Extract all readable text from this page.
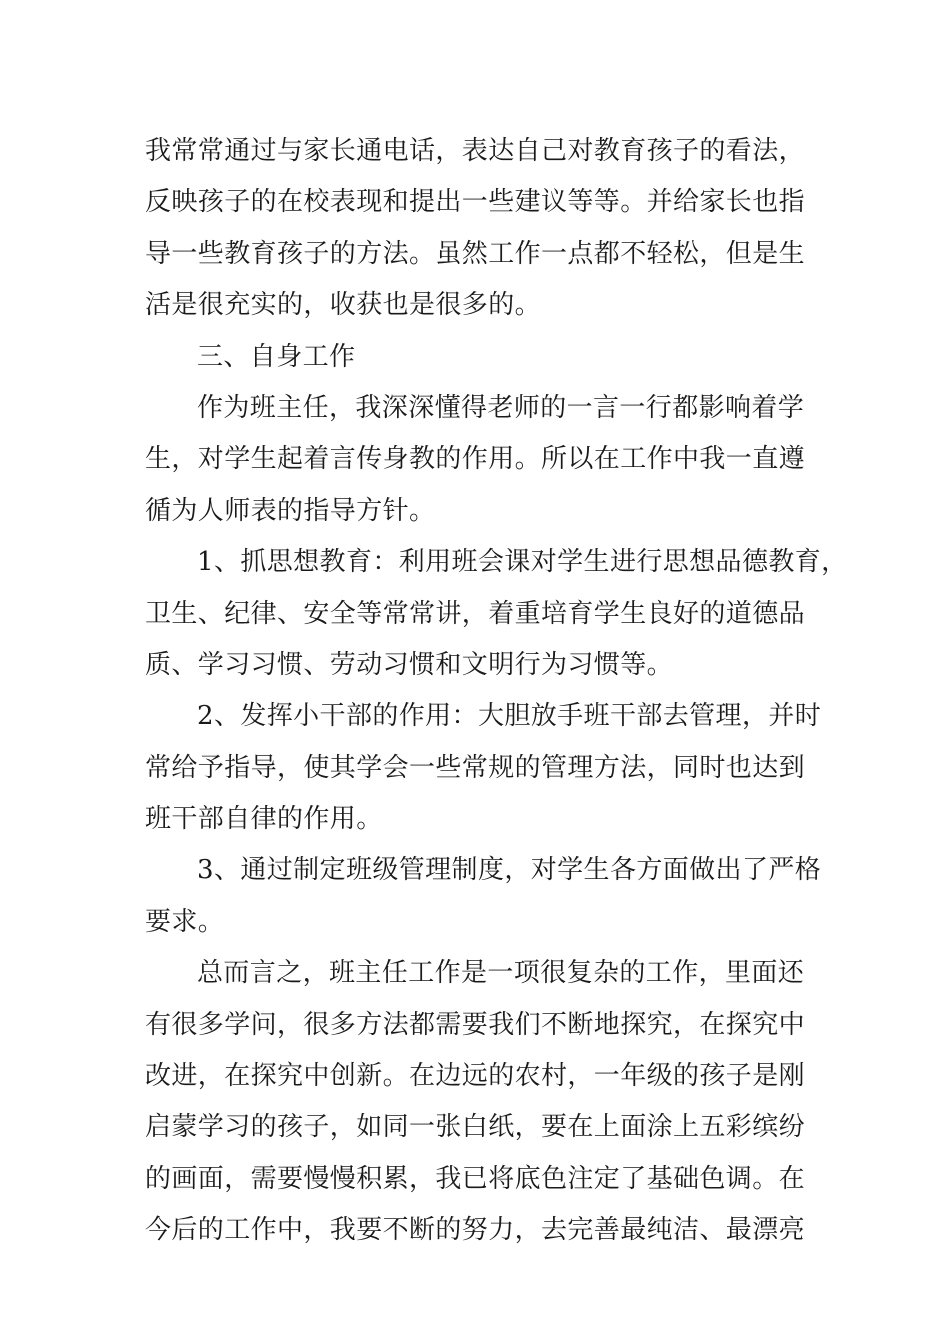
我常常通过与家长通电话，表达自己对教育孩子的看法，
反映孩子的在校表现和提出一些建议等等。并给家长也指
导一些教育孩子的方法。虽然工作一点都不轻松，但是生
活是很充实的，收获也是很多的。
三、自身工作
作为班主任，我深深懂得老师的一言一行都影响着学
生，对学生起着言传身教的作用。所以在工作中我一直遵
循为人师表的指导方针。
1、抓思想教育：利用班会课对学生进行思想品德教育，
卫生、纪律、安全等常常讲，着重培育学生良好的道德品
质、学习习惯、劳动习惯和文明行为习惯等。
2、发挥小干部的作用：大胆放手班干部去管理，并时
常给予指导，使其学会一些常规的管理方法，同时也达到
班干部自律的作用。
3、通过制定班级管理制度，对学生各方面做出了严格
要求。
总而言之，班主任工作是一项很复杂的工作，里面还
有很多学问，很多方法都需要我们不断地探究，在探究中
改进，在探究中创新。在边远的农村，一年级的孩子是刚
启蒙学习的孩子，如同一张白纸，要在上面涂上五彩缤纷
的画面，需要慢慢积累，我已将底色注定了基础色调。在
今后的工作中，我要不断的努力，去完善最纯洁、最漂亮
